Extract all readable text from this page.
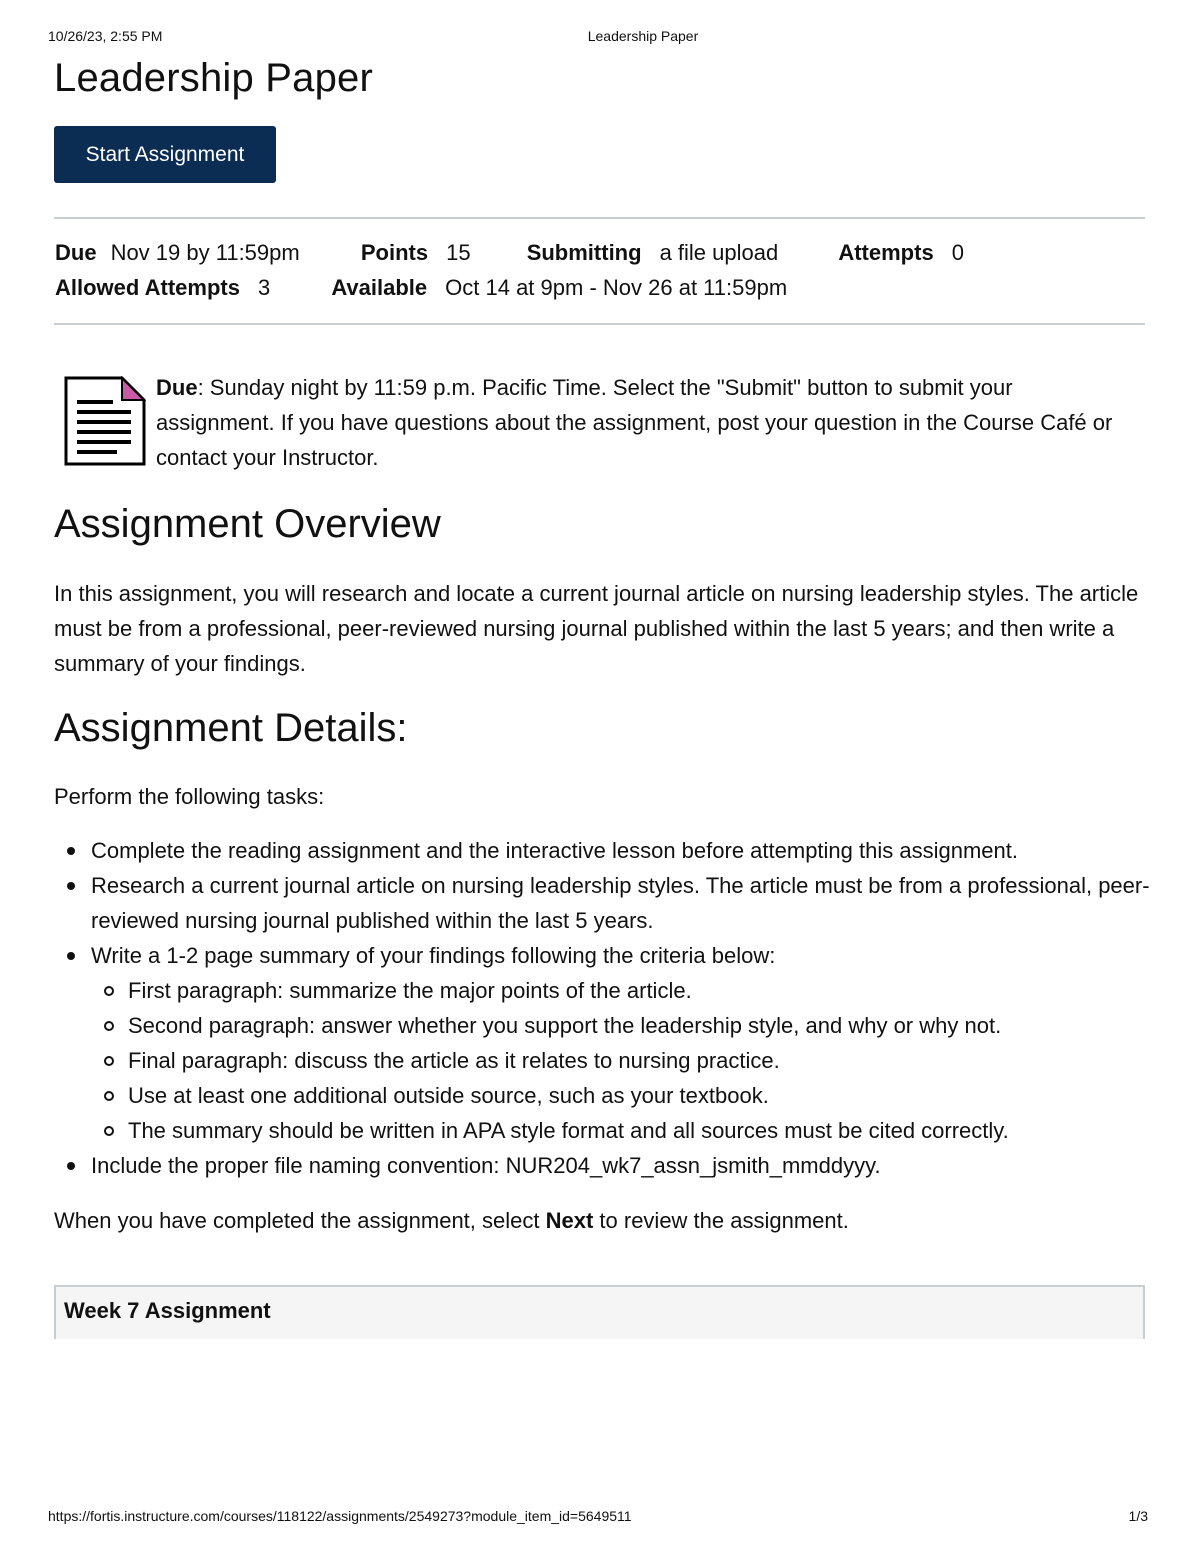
10/26/23, 2:55 PM	Leadership Paper
Leadership Paper
Start Assignment
Due Nov 19 by 11:59pm	Points 15	Submitting a file upload	Attempts 0
Allowed Attempts 3	Available Oct 14 at 9pm - Nov 26 at 11:59pm
Due: Sunday night by 11:59 p.m. Pacific Time. Select the "Submit" button to submit your assignment. If you have questions about the assignment, post your question in the Course Café or contact your Instructor.
Assignment Overview

In this assignment, you will research and locate a current journal article on nursing leadership styles. The article must be from a professional, peer-reviewed nursing journal published within the last 5 years; and then write a summary of your findings.

Assignment Details:

Perform the following tasks:

Complete the reading assignment and the interactive lesson before attempting this assignment.
Research a current journal article on nursing leadership styles. The article must be from a professional, peer-reviewed nursing journal published within the last 5 years.
Write a 1-2 page summary of your findings following the criteria below:
First paragraph: summarize the major points of the article.
Second paragraph: answer whether you support the leadership style, and why or why not.
Final paragraph: discuss the article as it relates to nursing practice.
Use at least one additional outside source, such as your textbook.
The summary should be written in APA style format and all sources must be cited correctly.
Include the proper file naming convention: NUR204_wk7_assn_jsmith_mmddyyy.

When you have completed the assignment, select Next to review the assignment.

Week 7 Assignment
https://fortis.instructure.com/courses/118122/assignments/2549273?module_item_id=5649511	1/3
